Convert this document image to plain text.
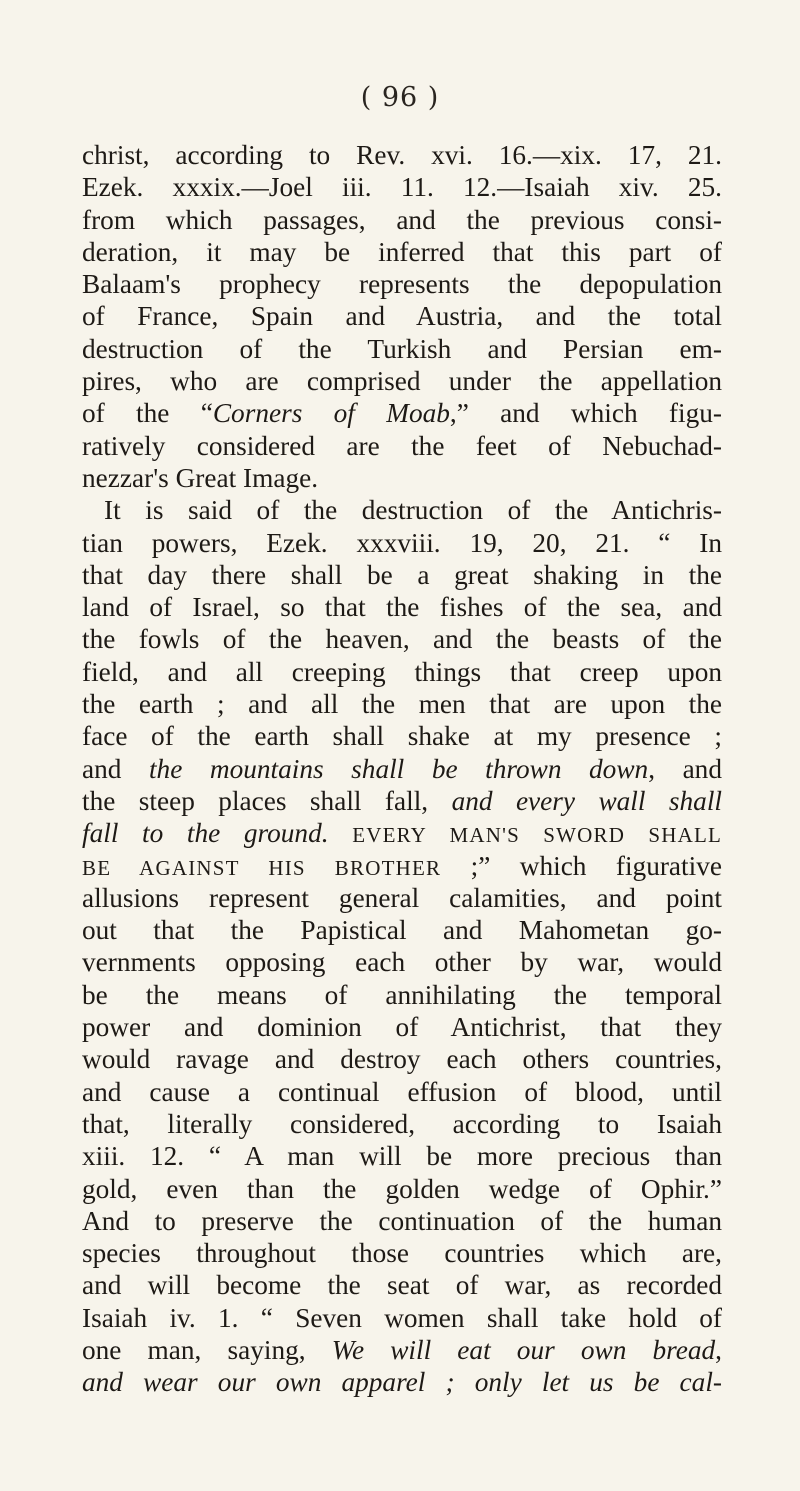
( 96 )
christ, according to Rev. xvi. 16.—xix. 17, 21.
Ezek. xxxix.—Joel iii. 11. 12.—Isaiah xiv. 25.
from which passages, and the previous consi-
deration, it may be inferred that this part of
Balaam's prophecy represents the depopulation
of France, Spain and Austria, and the total
destruction of the Turkish and Persian em-
pires, who are comprised under the appellation
of the “Corners of Moab,” and which figu-
ratively considered are the feet of Nebuchad-
nezzar's Great Image.
It is said of the destruction of the Antichris-
tian powers, Ezek. xxxviii. 19, 20, 21. “ In
that day there shall be a great shaking in the
land of Israel, so that the fishes of the sea, and
the fowls of the heaven, and the beasts of the
field, and all creeping things that creep upon
the earth ; and all the men that are upon the
face of the earth shall shake at my presence ;
and the mountains shall be thrown down, and
the steep places shall fall, and every wall shall
fall to the ground. EVERY MAN'S SWORD SHALL
BE AGAINST HIS BROTHER ;” which figurative
allusions represent general calamities, and point
out that the Papistical and Mahometan go-
vernments opposing each other by war, would
be the means of annihilating the temporal
power and dominion of Antichrist, that they
would ravage and destroy each others countries,
and cause a continual effusion of blood, until
that, literally considered, according to Isaiah
xiii. 12. “ A man will be more precious than
gold, even than the golden wedge of Ophir.”
And to preserve the continuation of the human
species throughout those countries which are,
and will become the seat of war, as recorded
Isaiah iv. 1. “ Seven women shall take hold of
one man, saying, We will eat our own bread,
and wear our own apparel ; only let us be cal-
